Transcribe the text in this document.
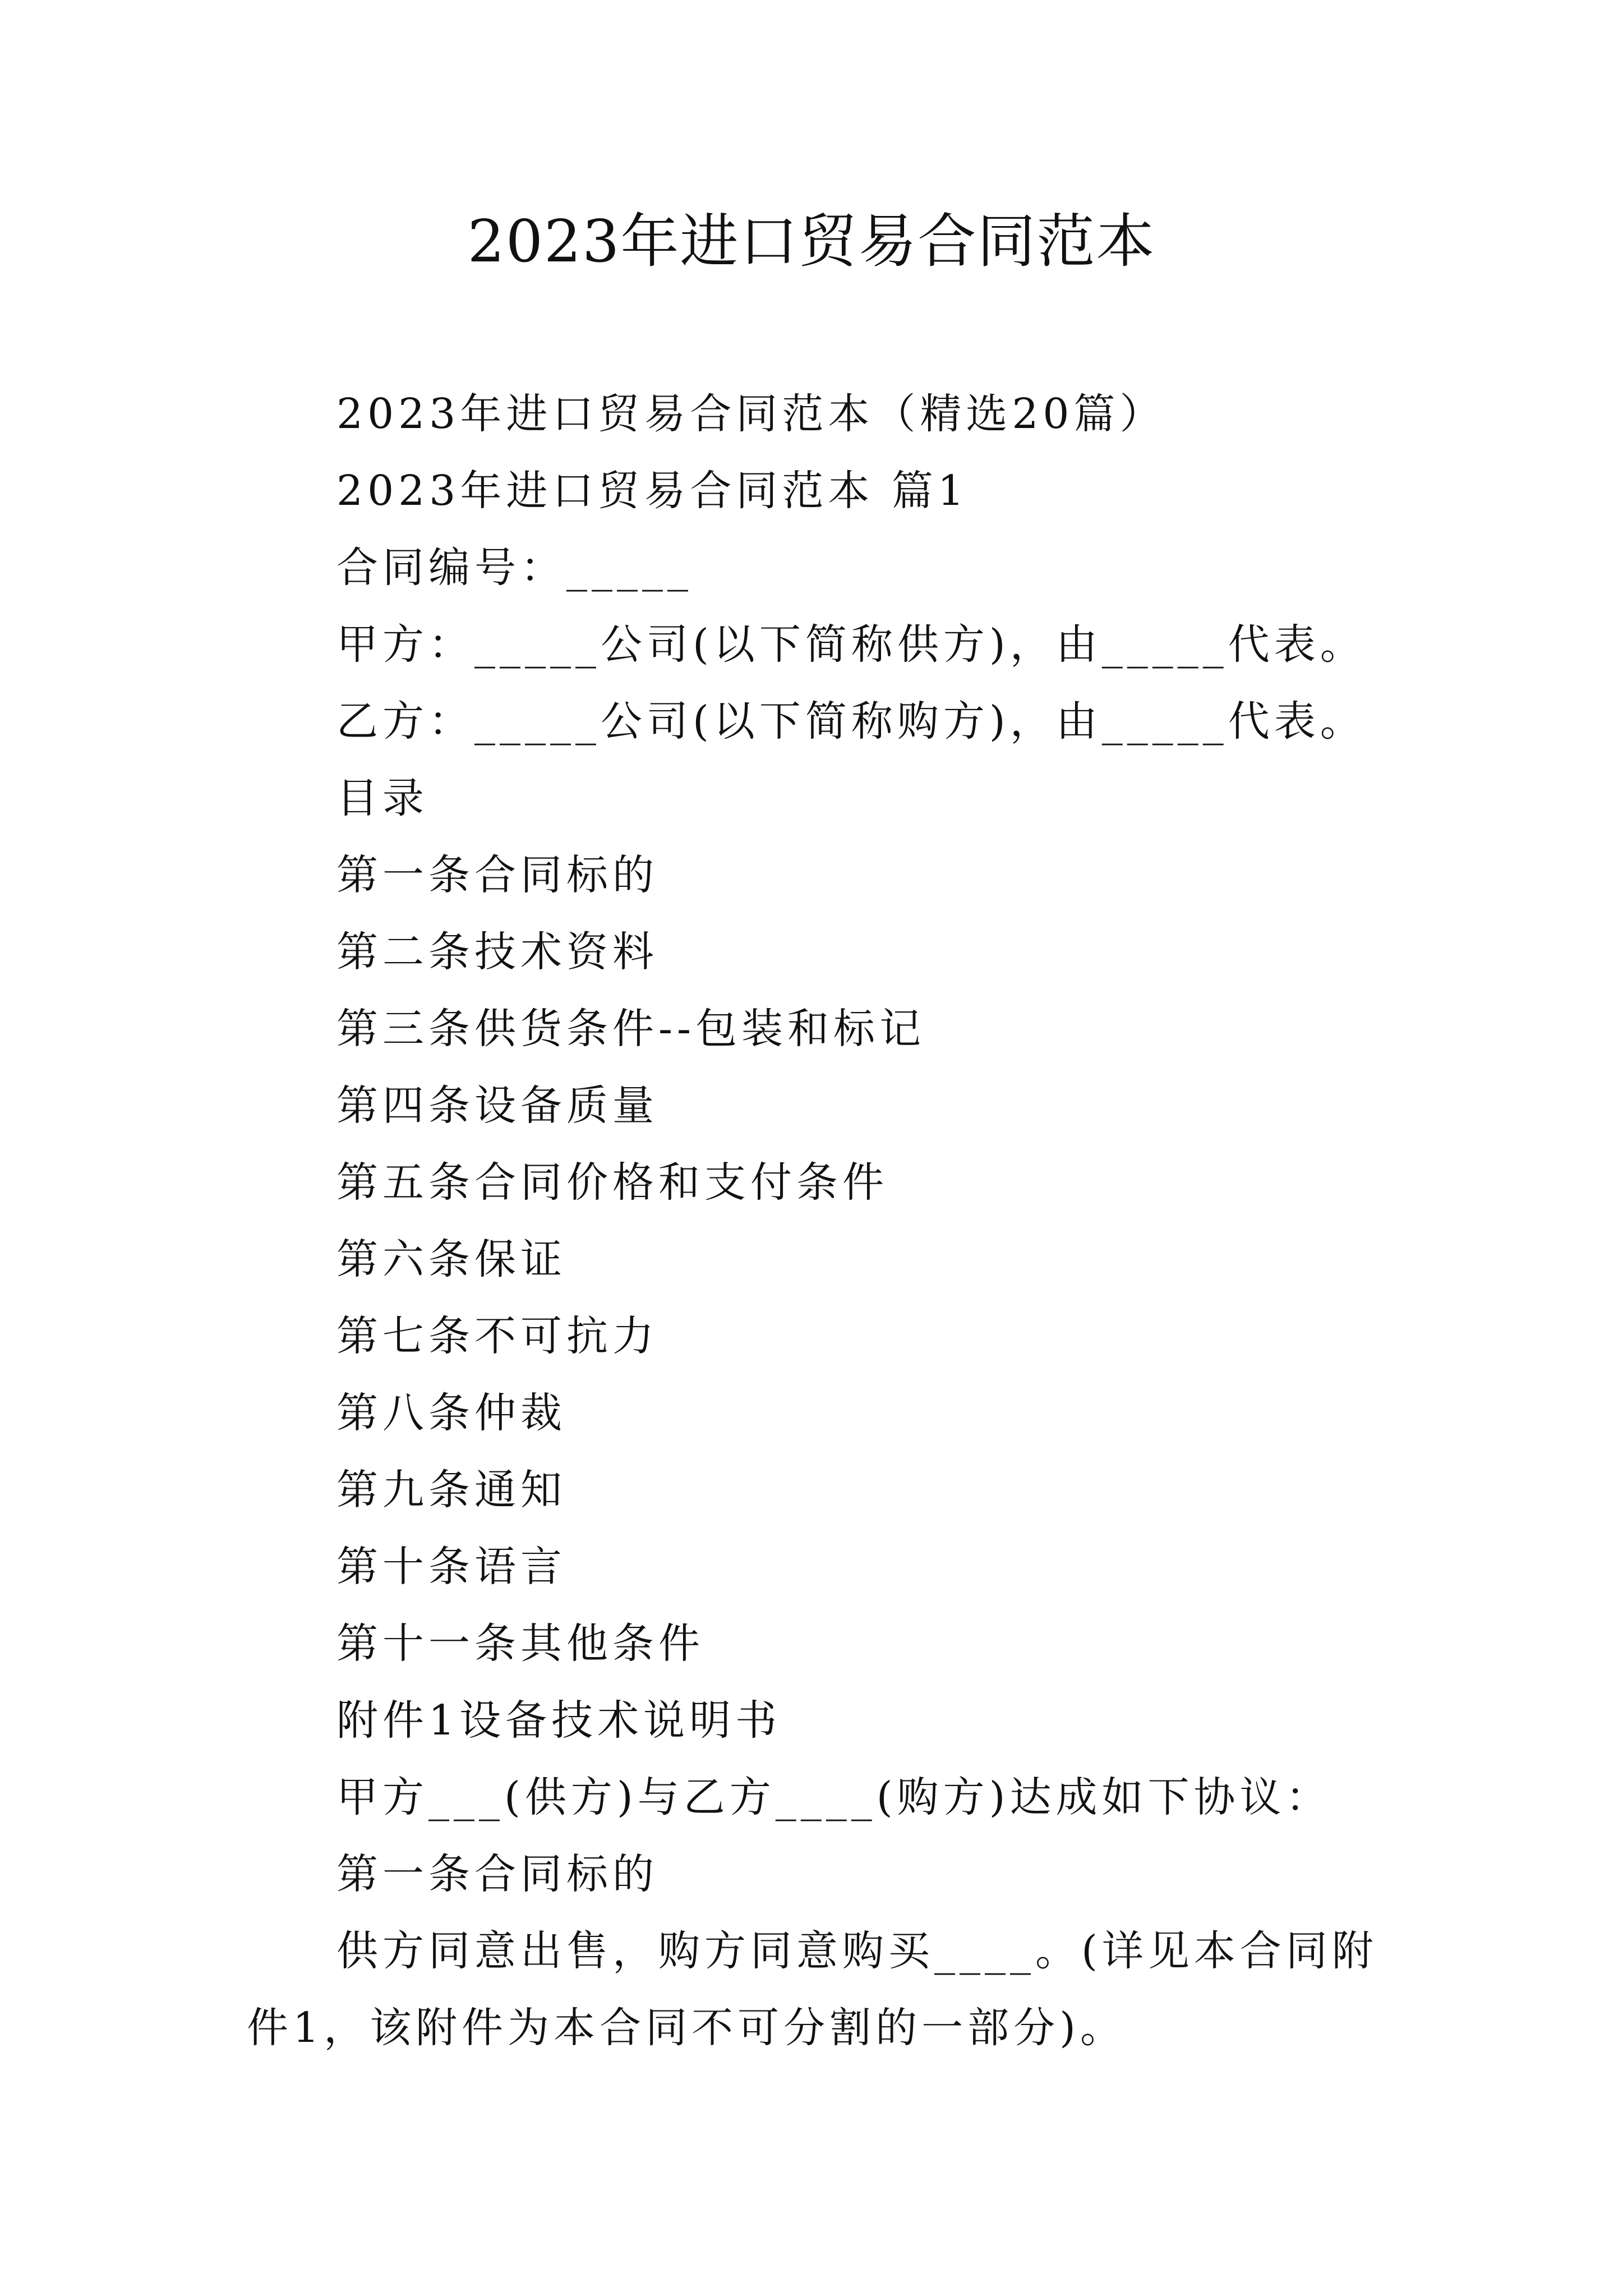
2023年进口贸易合同范本

2023年进口贸易合同范本（精选20篇）

2023年进口贸易合同范本 篇1

合同编号：_____

甲方：_____公司(以下简称供方)，由_____代表。

乙方：_____公司(以下简称购方)，由_____代表。

目录

第一条合同标的

第二条技术资料

第三条供货条件--包装和标记

第四条设备质量

第五条合同价格和支付条件

第六条保证

第七条不可抗力

第八条仲裁

第九条通知

第十条语言

第十一条其他条件

附件1设备技术说明书

甲方___(供方)与乙方____(购方)达成如下协议：

第一条合同标的

供方同意出售，购方同意购买____。(详见本合同附件1，该附件为本合同不可分割的一部分)。
